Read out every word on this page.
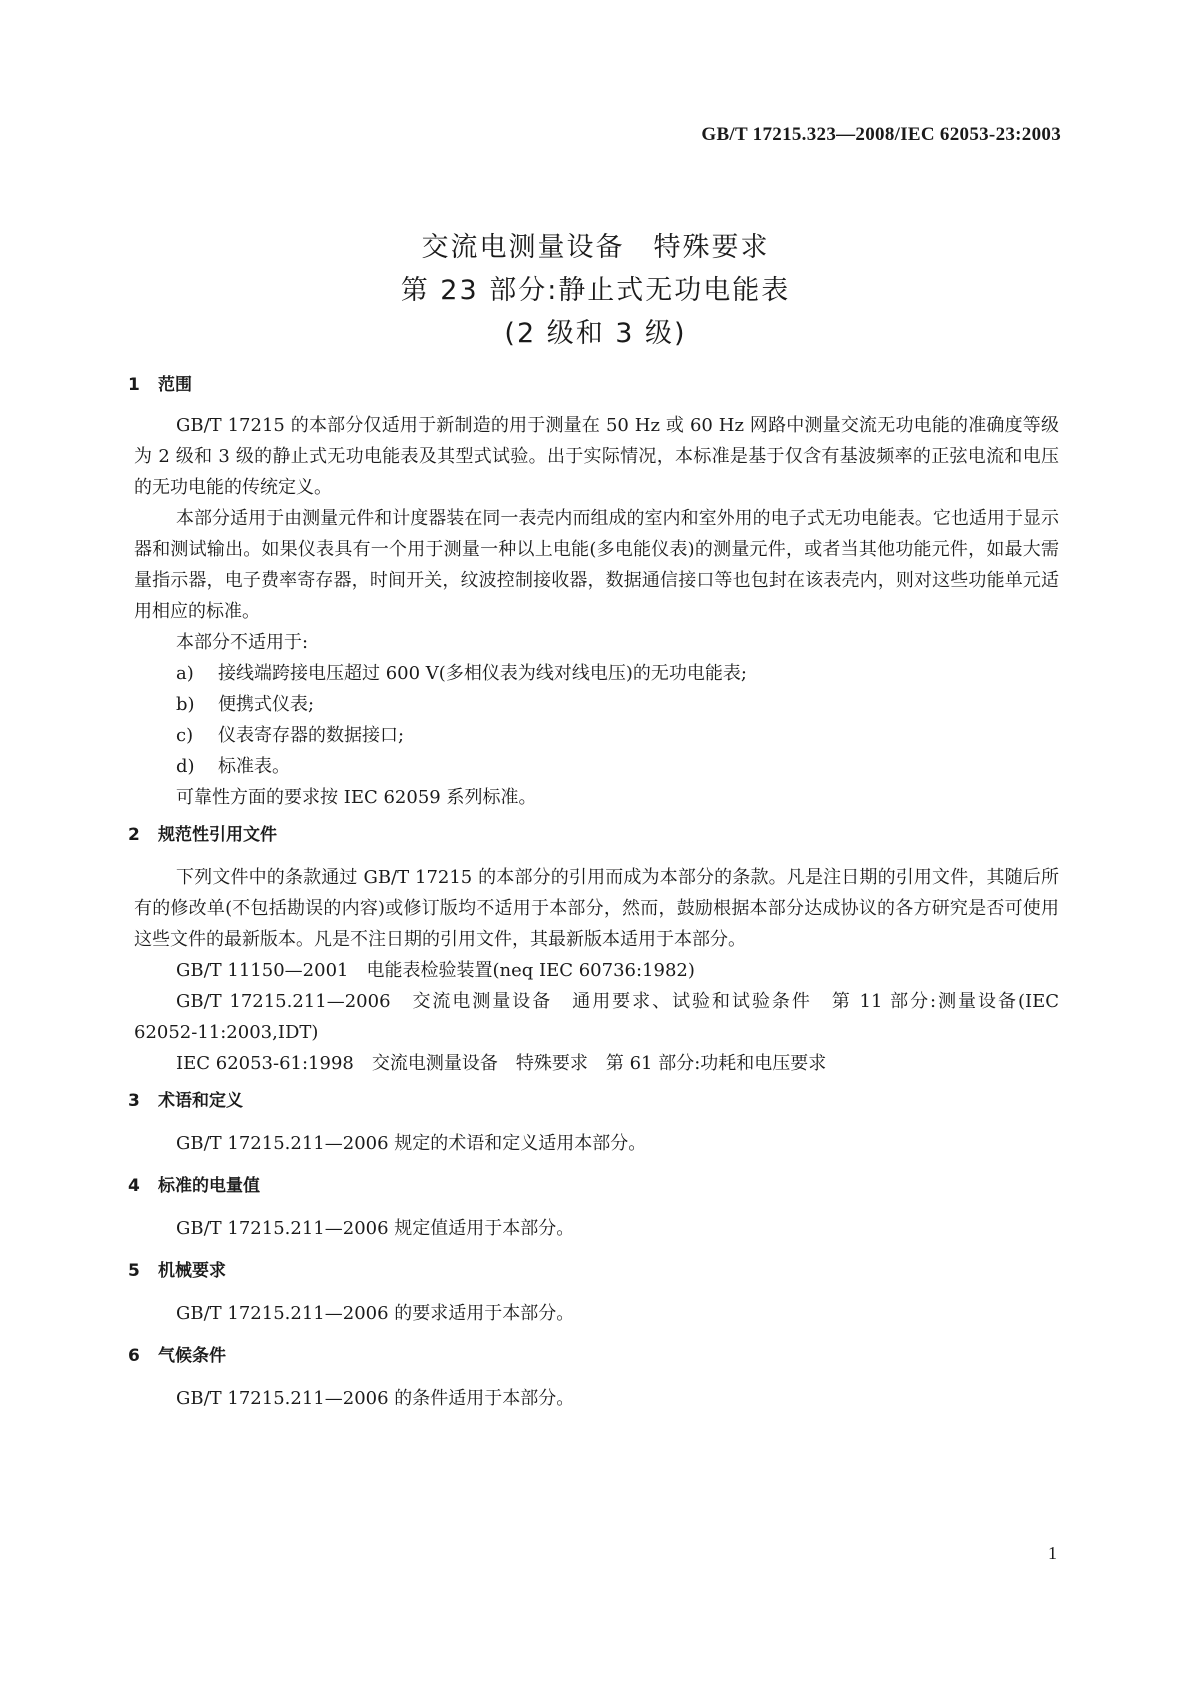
GB/T 17215.323—2008/IEC 62053-23:2003
交流电测量设备　特殊要求
第 23 部分:静止式无功电能表
(2 级和 3 级)
1 范围

GB/T 17215 的本部分仅适用于新制造的用于测量在 50 Hz 或 60 Hz 网路中测量交流无功电能的准确度等级为 2 级和 3 级的静止式无功电能表及其型式试验。出于实际情况，本标准是基于仅含有基波频率的正弦电流和电压的无功电能的传统定义。

本部分适用于由测量元件和计度器装在同一表壳内而组成的室内和室外用的电子式无功电能表。它也适用于显示器和测试输出。如果仪表具有一个用于测量一种以上电能(多电能仪表)的测量元件，或者当其他功能元件，如最大需量指示器，电子费率寄存器，时间开关，纹波控制接收器，数据通信接口等也包封在该表壳内，则对这些功能单元适用相应的标准。

本部分不适用于:

a) 接线端跨接电压超过 600 V(多相仪表为线对线电压)的无功电能表;

b) 便携式仪表;

c) 仪表寄存器的数据接口;

d) 标准表。

可靠性方面的要求按 IEC 62059 系列标准。

2 规范性引用文件

下列文件中的条款通过 GB/T 17215 的本部分的引用而成为本部分的条款。凡是注日期的引用文件，其随后所有的修改单(不包括勘误的内容)或修订版均不适用于本部分，然而，鼓励根据本部分达成协议的各方研究是否可使用这些文件的最新版本。凡是不注日期的引用文件，其最新版本适用于本部分。

GB/T 11150—2001　电能表检验装置(neq IEC 60736:1982)

GB/T 17215.211—2006　交流电测量设备　通用要求、试验和试验条件　第 11 部分:测量设备(IEC 62052-11:2003,IDT)

IEC 62053-61:1998　交流电测量设备　特殊要求　第 61 部分:功耗和电压要求

3 术语和定义

GB/T 17215.211—2006 规定的术语和定义适用本部分。

4 标准的电量值

GB/T 17215.211—2006 规定值适用于本部分。

5 机械要求

GB/T 17215.211—2006 的要求适用于本部分。

6 气候条件

GB/T 17215.211—2006 的条件适用于本部分。

1
